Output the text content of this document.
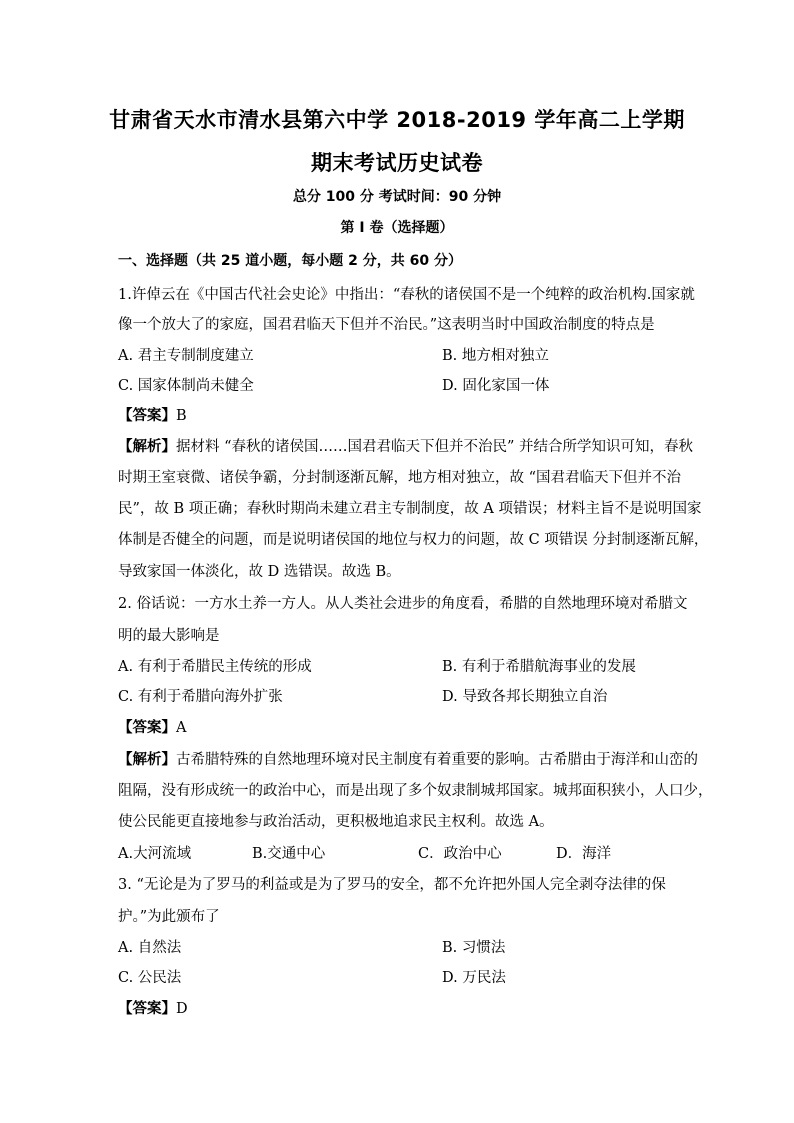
甘肃省天水市清水县第六中学 2018-2019 学年高二上学期
期末考试历史试卷
总分 100 分 考试时间：90 分钟
第 I 卷（选择题）
一、选择题（共 25 道小题，每小题 2 分，共 60 分）
1.许倬云在《中国古代社会史论》中指出：“春秋的诸侯国不是一个纯粹的政治机构.国家就
像一个放大了的家庭，国君君临天下但并不治民。”这表明当时中国政治制度的特点是
A. 君主专制制度建立	B. 地方相对独立
C. 国家体制尚未健全	D. 固化家国一体
【答案】B
【解析】据材料 “春秋的诸侯国……国君君临天下但并不治民” 并结合所学知识可知，春秋
时期王室衰微、诸侯争霸，分封制逐渐瓦解，地方相对独立，故 “国君君临天下但并不治
民”，故 B 项正确；春秋时期尚未建立君主专制制度，故 A 项错误；材料主旨不是说明国家
体制是否健全的问题，而是说明诸侯国的地位与权力的问题，故 C 项错误 分封制逐渐瓦解，
导致家国一体淡化，故 D 选错误。故选 B。
2. 俗话说：一方水土养一方人。从人类社会进步的角度看，希腊的自然地理环境对希腊文
明的最大影响是
A. 有利于希腊民主传统的形成	B. 有利于希腊航海事业的发展
C. 有利于希腊向海外扩张	D. 导致各邦长期独立自治
【答案】A
【解析】古希腊特殊的自然地理环境对民主制度有着重要的影响。古希腊由于海洋和山峦的
阻隔，没有形成统一的政治中心，而是出现了多个奴隶制城邦国家。城邦面积狭小，人口少，
使公民能更直接地参与政治活动，更积极地追求民主权利。故选 A。
A.大河流域	B.交通中心	C．政治中心	D．海洋
3. “无论是为了罗马的利益或是为了罗马的安全，都不允许把外国人完全剥夺法律的保
护。”为此颁布了
A. 自然法	B. 习惯法
C. 公民法	D. 万民法
【答案】D
